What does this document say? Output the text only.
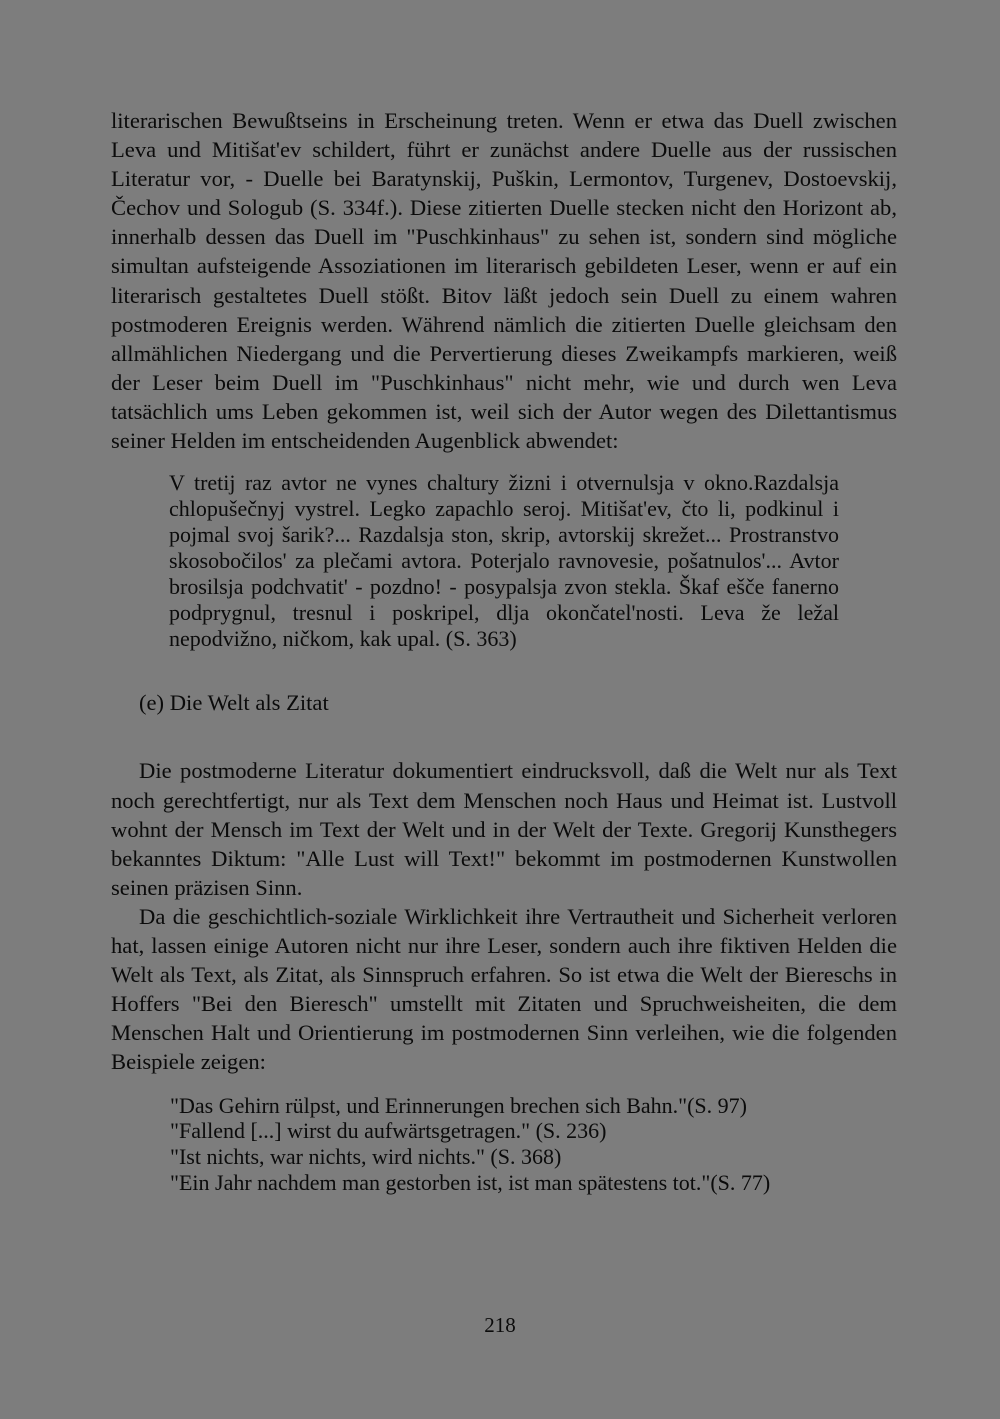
literarischen Bewußtseins in Erscheinung treten. Wenn er etwa das Duell zwischen Leva und Mitišat'ev schildert, führt er zunächst andere Duelle aus der russischen Literatur vor, - Duelle bei Baratynskij, Puškin, Lermontov, Turgenev, Dostoevskij, Čechov und Sologub (S. 334f.). Diese zitierten Duelle stecken nicht den Horizont ab, innerhalb dessen das Duell im "Puschkinhaus" zu sehen ist, sondern sind mögliche simultan aufsteigende Assoziationen im literarisch gebildeten Leser, wenn er auf ein literarisch gestaltetes Duell stößt. Bitov läßt jedoch sein Duell zu einem wahren postmoderen Ereignis werden. Während nämlich die zitierten Duelle gleichsam den allmählichen Niedergang und die Pervertierung dieses Zweikampfs markieren, weiß der Leser beim Duell im "Puschkinhaus" nicht mehr, wie und durch wen Leva tatsächlich ums Leben gekommen ist, weil sich der Autor wegen des Dilettantismus seiner Helden im entscheidenden Augenblick abwendet:

V tretij raz avtor ne vynes chaltury žizni i otvernulsja v okno.Razdalsja chlopušečnyj vystrel. Legko zapachlo seroj. Mitišat'ev, čto li, podkinul i pojmal svoj šarik?... Razdalsja ston, skrip, avtorskij skrežet... Prostranstvo skosobočilos' za plečami avtora. Poterjalo ravnovesie, pošatnulos'... Avtor brosilsja podchvatit' - pozdno! - posypalsja zvon stekla. Škaf ešče fanerno podprygnul, tresnul i poskripel, dlja okončatel'nosti. Leva že ležal nepodvižno, ničkom, kak upal. (S. 363)

(e) Die Welt als Zitat

Die postmoderne Literatur dokumentiert eindrucksvoll, daß die Welt nur als Text noch gerechtfertigt, nur als Text dem Menschen noch Haus und Heimat ist. Lustvoll wohnt der Mensch im Text der Welt und in der Welt der Texte. Gregorij Kunsthegers bekanntes Diktum: "Alle Lust will Text!" bekommt im postmodernen Kunstwollen seinen präzisen Sinn.

Da die geschichtlich-soziale Wirklichkeit ihre Vertrautheit und Sicherheit verloren hat, lassen einige Autoren nicht nur ihre Leser, sondern auch ihre fiktiven Helden die Welt als Text, als Zitat, als Sinnspruch erfahren. So ist etwa die Welt der Biereschs in Hoffers "Bei den Bieresch" umstellt mit Zitaten und Spruchweisheiten, die dem Menschen Halt und Orientierung im postmodernen Sinn verleihen, wie die folgenden Beispiele zeigen:

"Das Gehirn rülpst, und Erinnerungen brechen sich Bahn."(S. 97)
"Fallend [...] wirst du aufwärtsgetragen." (S. 236)
"Ist nichts, war nichts, wird nichts." (S. 368)
"Ein Jahr nachdem man gestorben ist, ist man spätestens tot."(S. 77)
218
